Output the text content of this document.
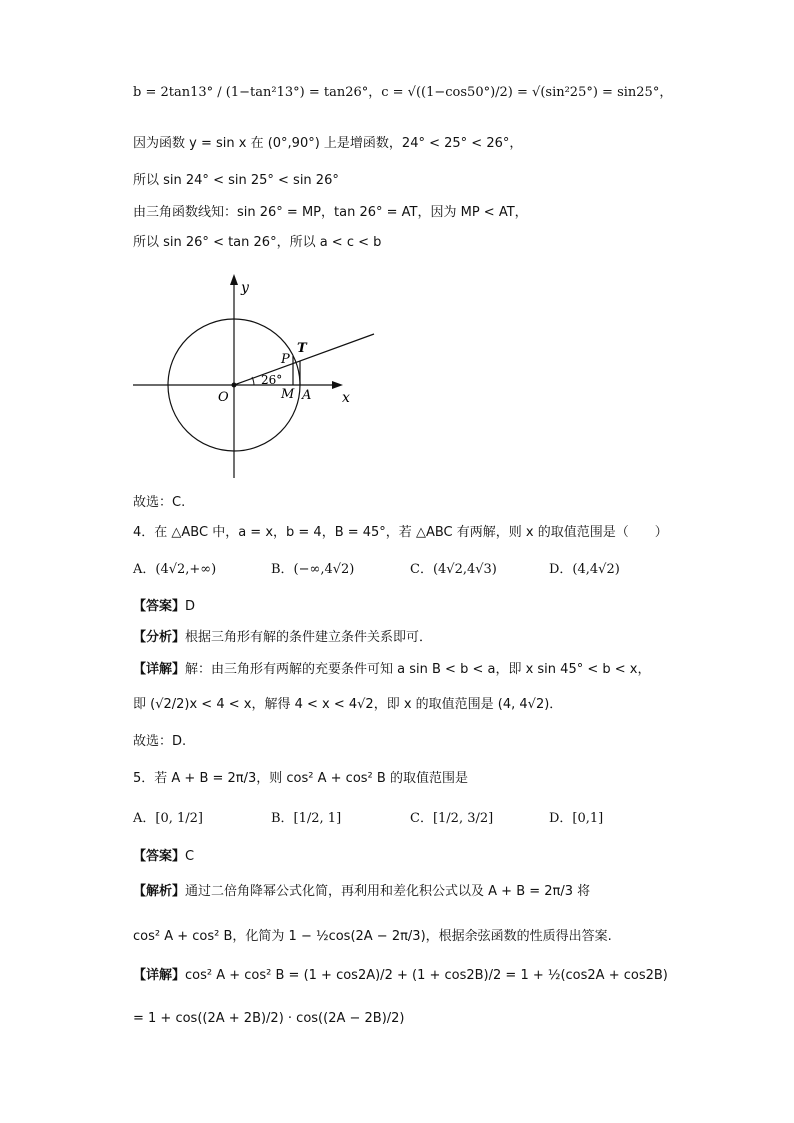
b = 2tan13° / (1−tan²13°) = tan26°，c = √((1−cos50°)/2) = √(sin²25°) = sin25°，
因为函数 y = sin x 在 (0°,90°) 上是增函数，24° < 25° < 26°，
所以 sin 24° < sin 25° < sin 26°
由三角函数线知：sin 26° = MP，tan 26° = AT，因为 MP < AT，
所以 sin 26° < tan 26°，所以 a < c < b
y
x
O
26°
P
T
M A
故选：C.
4．在 △ABC 中，a = x，b = 4，B = 45°，若 △ABC 有两解，则 x 的取值范围是（　　）
A．(4√2,+∞)	B．(−∞,4√2)	C．(4√2,4√3)	D．(4,4√2)
【答案】D
【分析】根据三角形有解的条件建立条件关系即可．
【详解】解：由三角形有两解的充要条件可知 a sin B < b < a，即 x sin 45° < b < x，
即 (√2/2)x < 4 < x，解得 4 < x < 4√2，即 x 的取值范围是 (4, 4√2)．
故选：D.
5．若 A + B = 2π/3，则 cos² A + cos² B 的取值范围是
A．[0, 1/2]	B．[1/2, 1]	C．[1/2, 3/2]	D．[0,1]
【答案】C
【解析】通过二倍角降幂公式化简，再利用和差化积公式以及 A + B = 2π/3 将
cos² A + cos² B，化简为 1 − ½cos(2A − 2π/3)，根据余弦函数的性质得出答案.
【详解】cos² A + cos² B = (1 + cos2A)/2 + (1 + cos2B)/2 = 1 + ½(cos2A + cos2B)
= 1 + cos((2A + 2B)/2) · cos((2A − 2B)/2)
